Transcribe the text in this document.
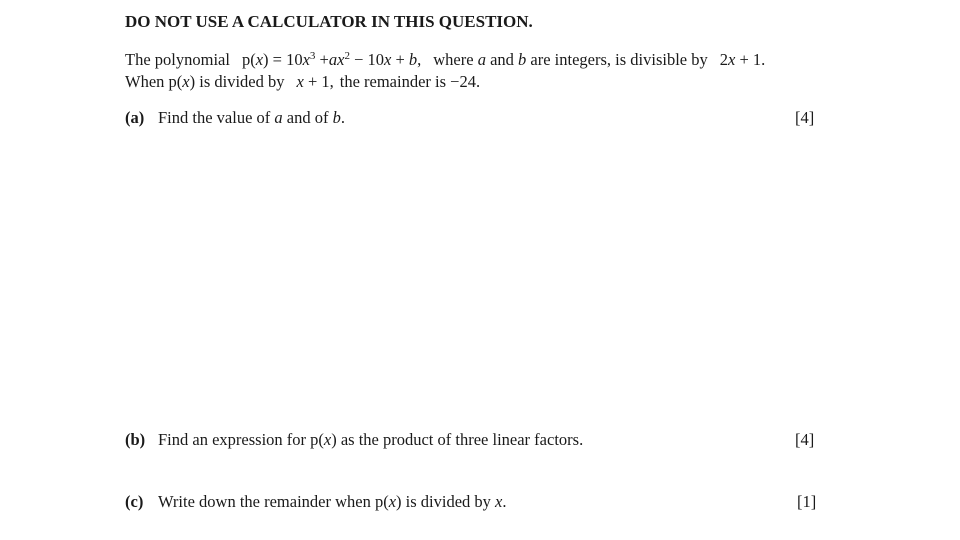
DO NOT USE A CALCULATOR IN THIS QUESTION.
The polynomial $p(x) = 10x^3 +ax^2 - 10x + b$, where a and b are integers, is divisible by 2x + 1.
When p(x) is divided by x + 1, the remainder is −24.
(a) Find the value of a and of b.	[4]
(b) Find an expression for p(x) as the product of three linear factors.	[4]
(c) Write down the remainder when p(x) is divided by x.	[1]
